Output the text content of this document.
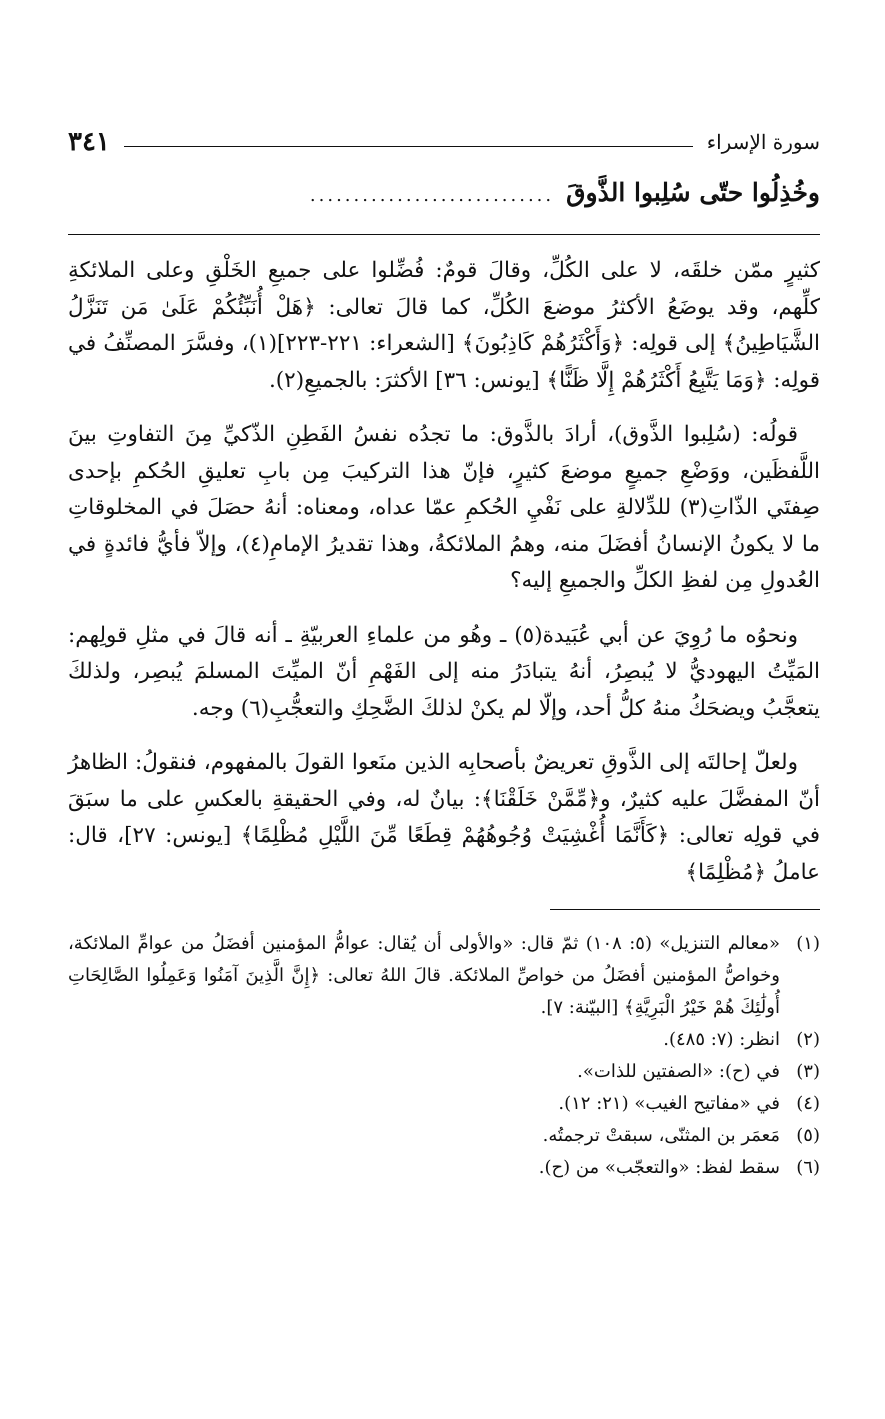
سورة الإسراء
٣٤١
وخُذِلُوا حتّى سُلِبوا الذَّوقَ
............................

كثيرٍ ممّن خلقَه، لا على الكُلِّ، وقالَ قومٌ: فُضِّلوا على جميعِ الخَلْقِ وعلى الملائكةِ كلِّهم، وقد يوضَعُ الأكثرُ موضعَ الكُلِّ، كما قالَ تعالى: ﴿هَلْ أُنَبِّئُكُمْ عَلَىٰ مَن تَنَزَّلُ الشَّيَاطِينُ﴾ إلى قولِه: ﴿وَأَكْثَرُهُمْ كَاذِبُونَ﴾ [الشعراء: ٢٢١-٢٢٣](١)، وفسَّرَ المصنِّفُ في قولِه: ﴿وَمَا يَتَّبِعُ أَكْثَرُهُمْ إِلَّا ظَنًّا﴾ [يونس: ٣٦] الأكثرَ: بالجميعِ(٢).

قولُه: (سُلِبوا الذَّوق)، أرادَ بالذَّوق: ما تجدُه نفسُ الفَطِنِ الذّكيِّ مِنَ التفاوتِ بينَ اللَّفظَين، ووَضْعِ جميعٍ موضعَ كثيرٍ، فإنّ هذا التركيبَ مِن بابِ تعليقِ الحُكمِ بإحدى صِفتَي الذّاتِ(٣) للدِّلالةِ على نَفْيِ الحُكمِ عمّا عداه، ومعناه: أنهُ حصَلَ في المخلوقاتِ ما لا يكونُ الإنسانُ أفضَلَ منه، وهمُ الملائكةُ، وهذا تقديرُ الإمامِ(٤)، وإلاّ فأيُّ فائدةٍ في العُدولِ مِن لفظِ الكلِّ والجميعِ إليه؟

ونحوُه ما رُوِيَ عن أبي عُبَيدة(٥) ـ وهُو من علماءِ العربيّةِ ـ أنه قالَ في مثلِ قولِهم: المَيِّتُ اليهوديُّ لا يُبصِرُ، أنهُ يتبادَرُ منه إلى الفَهْمِ أنّ الميِّتَ المسلمَ يُبصِر، ولذلكَ يتعجَّبُ ويضحَكُ منهُ كلُّ أحد، وإلّا لم يكنْ لذلكَ الضَّحِكِ والتعجُّبِ(٦) وجه.

ولعلّ إحالتَه إلى الذَّوقِ تعريضٌ بأصحابِه الذين منَعوا القولَ بالمفهوم، فنقولُ: الظاهرُ أنّ المفضَّلَ عليه كثيرٌ، و﴿مِّمَّنْ خَلَقْنَا﴾: بيانٌ له، وفي الحقيقةِ بالعكسِ على ما سبَقَ في قولِه تعالى: ﴿كَأَنَّمَا أُغْشِيَتْ وُجُوهُهُمْ قِطَعًا مِّنَ اللَّيْلِ مُظْلِمًا﴾ [يونس: ٢٧]، قال: عاملُ ﴿مُظْلِمًا﴾

(١)
«معالم التنزيل» (٥: ١٠٨) ثمّ قال: «والأولى أن يُقال: عوامُّ المؤمنين أفضَلُ من عوامِّ الملائكة، وخواصُّ المؤمنين أفضَلُ من خواصِّ الملائكة. قالَ اللهُ تعالى: ﴿إِنَّ الَّذِينَ آمَنُوا وَعَمِلُوا الصَّالِحَاتِ أُولَٰئِكَ هُمْ خَيْرُ الْبَرِيَّةِ﴾ [البيّنة: ٧].
(٢)
انظر: (٧: ٤٨٥).
(٣)
في (ح): «الصفتين للذات».
(٤)
في «مفاتيح الغيب» (٢١: ١٢).
(٥)
مَعمَر بن المثنّى، سبقتْ ترجمتُه.
(٦)
سقط لفظ: «والتعجّب» من (ح).
